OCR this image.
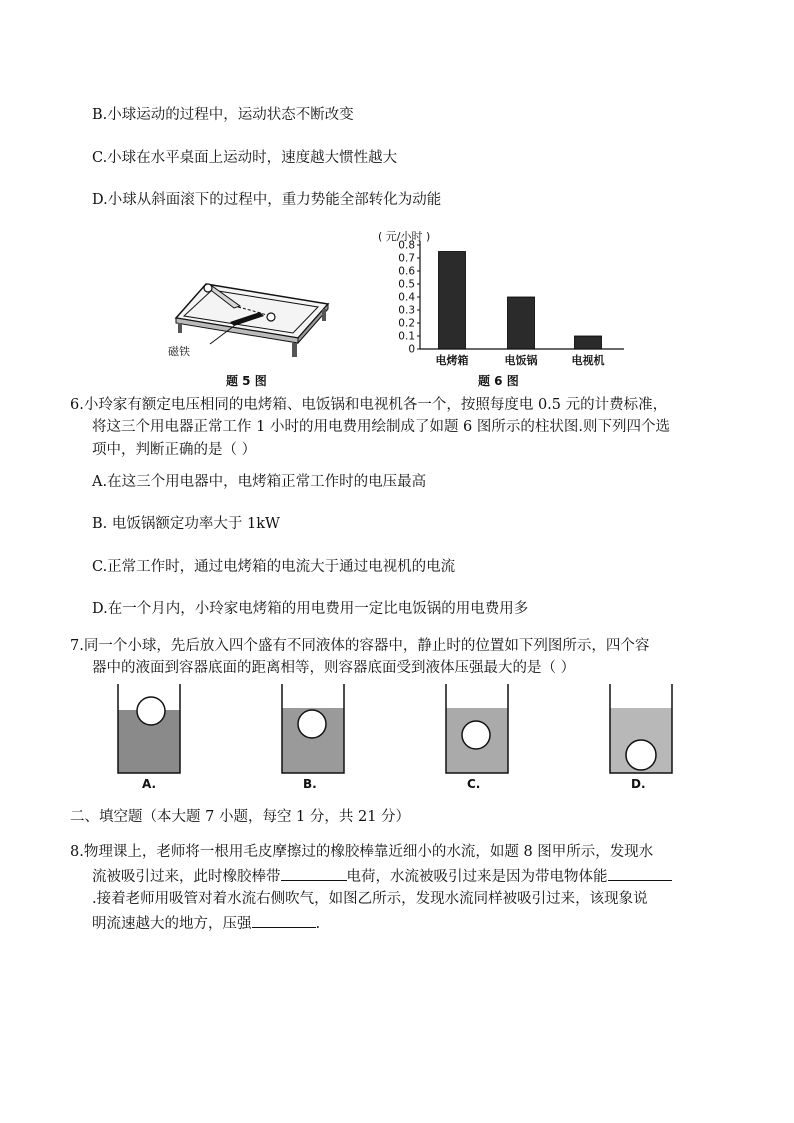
B.小球运动的过程中，运动状态不断改变
C.小球在水平桌面上运动时，速度越大惯性越大
D.小球从斜面滚下的过程中，重力势能全部转化为动能
磁铁
题 5 图
( 元/小时 )
0
0.1
0.2
0.3
0.4
0.5
0.6
0.7
0.8
电烤箱	电饭锅	电视机
题 6 图
6.小玲家有额定电压相同的电烤箱、电饭锅和电视机各一个，按照每度电 0.5 元的计费标准，
将这三个用电器正常工作 1 小时的用电费用绘制成了如题 6 图所示的柱状图.则下列四个选
项中，判断正确的是（ ）
A.在这三个用电器中，电烤箱正常工作时的电压最高
B. 电饭锅额定功率大于 1kW
C.正常工作时，通过电烤箱的电流大于通过电视机的电流
D.在一个月内，小玲家电烤箱的用电费用一定比电饭锅的用电费用多
7.同一个小球，先后放入四个盛有不同液体的容器中，静止时的位置如下列图所示，四个容
器中的液面到容器底面的距离相等，则容器底面受到液体压强最大的是（ ）
A.	B.	C.	D.
二、填空题（本大题 7 小题，每空 1 分，共 21 分）
8.物理课上，老师将一根用毛皮摩擦过的橡胶棒靠近细小的水流，如题 8 图甲所示，发现水
流被吸引过来，此时橡胶棒带	电荷，水流被吸引过来是因为带电物体能
.接着老师用吸管对着水流右侧吹气，如图乙所示，发现水流同样被吸引过来，该现象说
明流速越大的地方，压强	.
